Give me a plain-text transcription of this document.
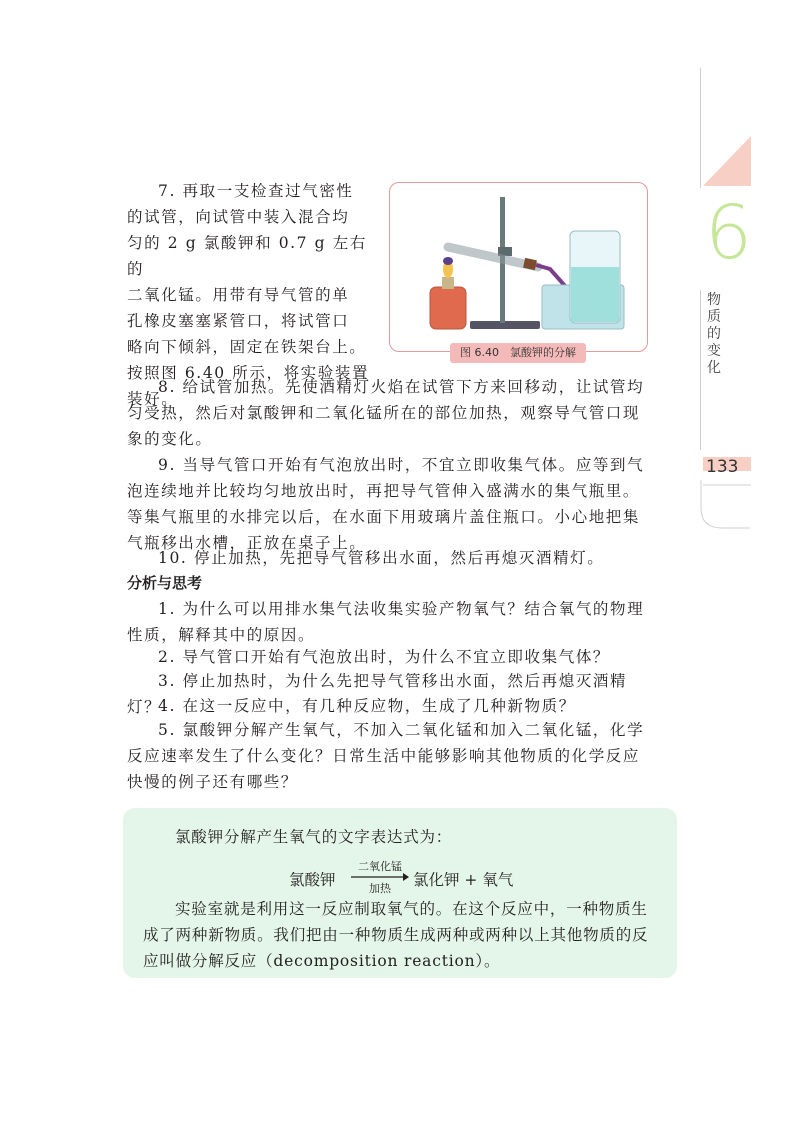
7. 再取一支检查过气密性
的试管，向试管中装入混合均
匀的 2 g 氯酸钾和 0.7 g 左右的
二氧化锰。用带有导气管的单
孔橡皮塞塞紧管口，将试管口
略向下倾斜，固定在铁架台上。
按照图 6.40 所示，将实验装置
装好。
图 6.40　氯酸钾的分解

8. 给试管加热。先使酒精灯火焰在试管下方来回移动，让试管均匀受热，然后对氯酸钾和二氧化锰所在的部位加热，观察导气管口现象的变化。

9. 当导气管口开始有气泡放出时，不宜立即收集气体。应等到气泡连续地并比较均匀地放出时，再把导气管伸入盛满水的集气瓶里。等集气瓶里的水排完以后，在水面下用玻璃片盖住瓶口。小心地把集气瓶移出水槽，正放在桌子上。

10. 停止加热，先把导气管移出水面，然后再熄灭酒精灯。

分析与思考

1. 为什么可以用排水集气法收集实验产物氧气？结合氧气的物理性质，解释其中的原因。

2. 导气管口开始有气泡放出时，为什么不宜立即收集气体？

3. 停止加热时，为什么先把导气管移出水面，然后再熄灭酒精灯？

4. 在这一反应中，有几种反应物，生成了几种新物质？

5. 氯酸钾分解产生氧气，不加入二氧化锰和加入二氧化锰，化学反应速率发生了什么变化？日常生活中能够影响其他物质的化学反应快慢的例子还有哪些？

氯酸钾分解产生氧气的文字表达式为：
氯酸钾
二氧化锰
加热	氯化钾 + 氧气
实验室就是利用这一反应制取氧气的。在这个反应中，一种物质生成了两种新物质。我们把由一种物质生成两种或两种以上其他物质的反应叫做分解反应（decomposition reaction）。
6
物质的变化
133
